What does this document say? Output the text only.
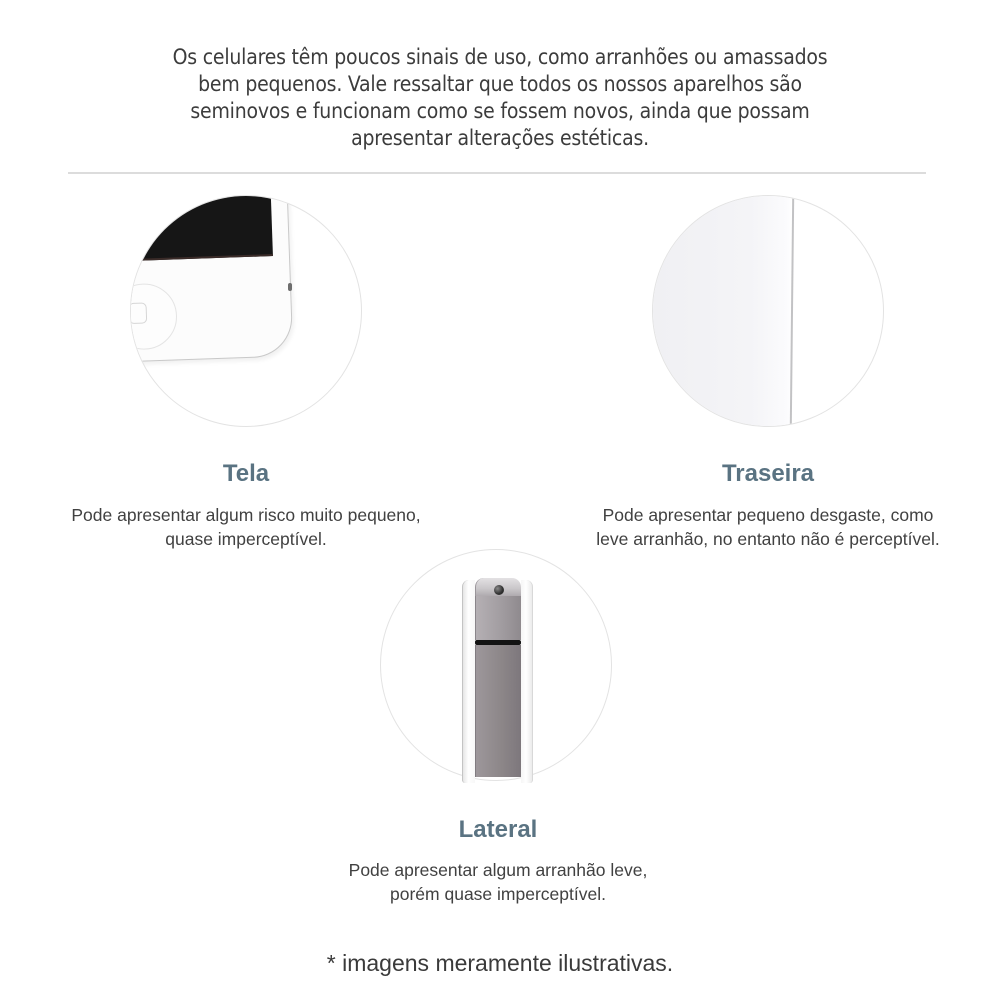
Os celulares têm poucos sinais de uso, como arranhões ou amassados
bem pequenos. Vale ressaltar que todos os nossos aparelhos são
seminovos e funcionam como se fossem novos, ainda que possam
apresentar alterações estéticas.
Tela
Pode apresentar algum risco muito pequeno,
quase imperceptível.
Traseira
Pode apresentar pequeno desgaste, como
leve arranhão, no entanto não é perceptível.
Lateral
Pode apresentar algum arranhão leve,
porém quase imperceptível.
* imagens meramente ilustrativas.
